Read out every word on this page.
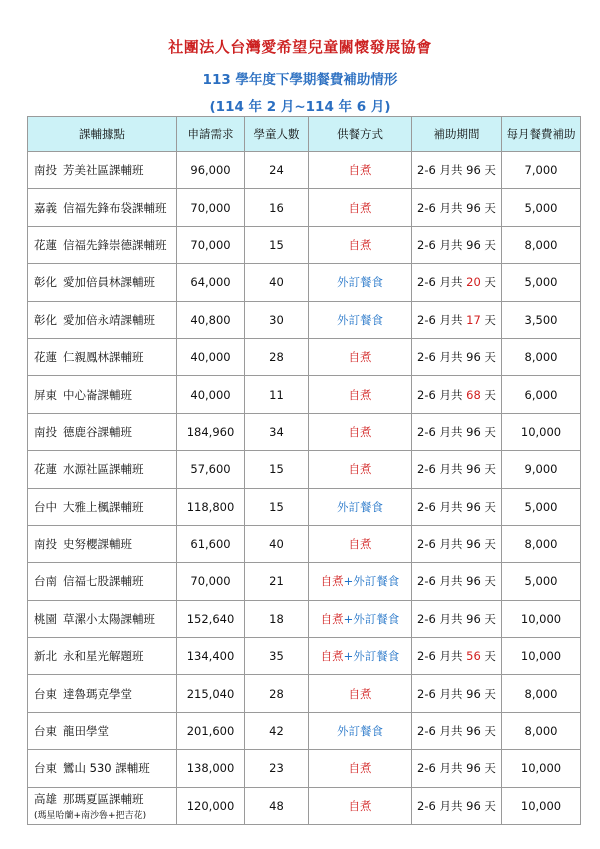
社團法人台灣愛希望兒童關懷發展協會
113 學年度下學期餐費補助情形
(114 年 2 月~114 年 6 月)
課輔據點	申請需求	學童人數	供餐方式	補助期間	每月餐費補助
南投 芳美社區課輔班	96,000	24	自煮	2-6 月共 96 天	7,000
嘉義 信福先鋒布袋課輔班	70,000	16	自煮	2-6 月共 96 天	5,000
花蓮 信福先鋒崇德課輔班	70,000	15	自煮	2-6 月共 96 天	8,000
彰化 愛加倍員林課輔班	64,000	40	外訂餐食	2-6 月共 20 天	5,000
彰化 愛加倍永靖課輔班	40,800	30	外訂餐食	2-6 月共 17 天	3,500
花蓮 仁親鳳林課輔班	40,000	28	自煮	2-6 月共 96 天	8,000
屏東 中心崙課輔班	40,000	11	自煮	2-6 月共 68 天	6,000
南投 德鹿谷課輔班	184,960	34	自煮	2-6 月共 96 天	10,000
花蓮 水源社區課輔班	57,600	15	自煮	2-6 月共 96 天	9,000
台中 大雅上楓課輔班	118,800	15	外訂餐食	2-6 月共 96 天	5,000
南投 史努櫻課輔班	61,600	40	自煮	2-6 月共 96 天	8,000
台南 信福七股課輔班	70,000	21	自煮+外訂餐食	2-6 月共 96 天	5,000
桃園 草漯小太陽課輔班	152,640	18	自煮+外訂餐食	2-6 月共 96 天	10,000
新北 永和星光解題班	134,400	35	自煮+外訂餐食	2-6 月共 56 天	10,000
台東 達魯瑪克學堂	215,040	28	自煮	2-6 月共 96 天	8,000
台東 龍田學堂	201,600	42	外訂餐食	2-6 月共 96 天	8,000
台東 鸞山 530 課輔班	138,000	23	自煮	2-6 月共 96 天	10,000
高雄 那瑪夏區課輔班
(瑪星哈蘭+南沙魯+把吉花)	120,000	48	自煮	2-6 月共 96 天	10,000
